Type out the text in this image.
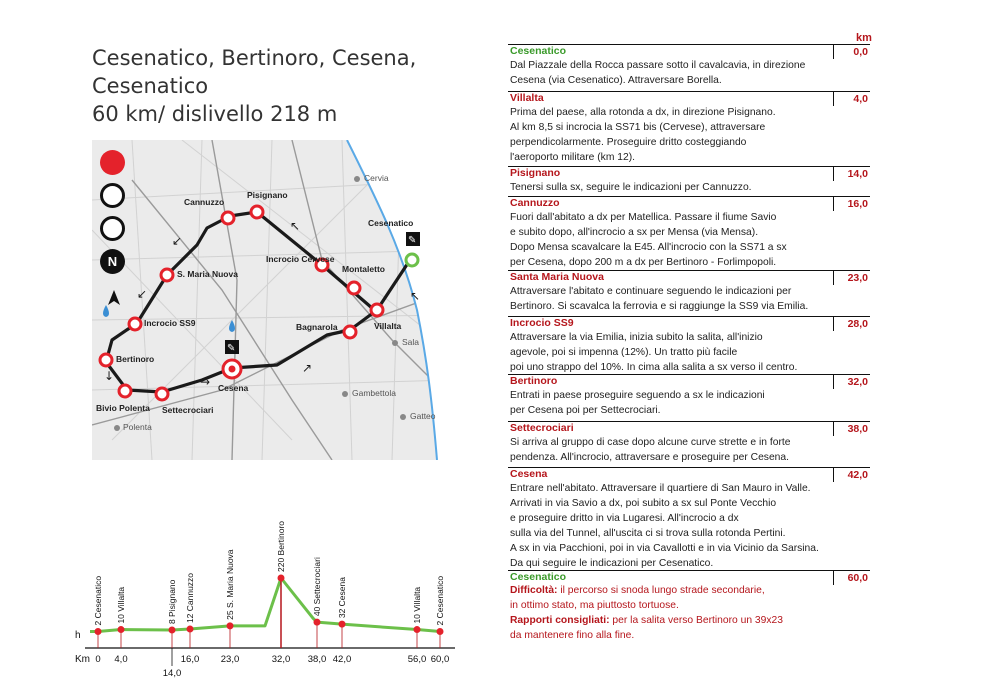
Cesenatico, Bertinoro, Cesena,
Cesenatico
60 km/ dislivello 218 m
↙
↙
↓	→
↗
↖
↖
✎
✎
Pisignano
Cannuzzo
Cesenatico
Incrocio Cervese
Montaletto
S. Maria Nuova
Incrocio SS9
Bertinoro
Bagnarola	Villalta
Cesena
Bivio Polenta Settecrociari
Cervia
Sala
Gambettola
Gatteo
Polenta
N
h
Km
2 Cesenatico
0
10 Villalta
4,0
8 Pisignano
14,0
12 Cannuzzo
16,0
25 S. Maria Nuova
23,0
220 Bertinoro
32,0
40 Settecrociari
38,0
32 Cesena
42,0
10 Villalta
56,0
2 Cesenatico
60,0
km
Cesenatico	0,0
Dal Piazzale della Rocca passare sotto il cavalcavia, in direzione
Cesena (via Cesenatico). Attraversare Borella.
Villalta	4,0
Prima del paese, alla rotonda a dx, in direzione Pisignano.
Al km 8,5 si incrocia la SS71 bis (Cervese), attraversare
perpendicolarmente. Proseguire dritto costeggiando
l'aeroporto militare (km 12).
Pisignano	14,0
Tenersi sulla sx, seguire le indicazioni per Cannuzzo.
Cannuzzo	16,0
Fuori dall'abitato a dx per Matellica. Passare il fiume Savio
e subito dopo, all'incrocio a sx per Mensa (via Mensa).
Dopo Mensa scavalcare la E45. All'incrocio con la SS71 a sx
per Cesena, dopo 200 m a dx per Bertinoro - Forlimpopoli.
Santa Maria Nuova	23,0
Attraversare l'abitato e continuare seguendo le indicazioni per
Bertinoro. Si scavalca la ferrovia e si raggiunge la SS9 via Emilia.
Incrocio SS9	28,0
Attraversare la via Emilia, inizia subito la salita, all'inizio
agevole, poi si impenna (12%). Un tratto più facile
poi uno strappo del 10%. In cima alla salita a sx verso il centro.
Bertinoro	32,0
Entrati in paese proseguire seguendo a sx le indicazioni
per Cesena poi per Settecrociari.
Settecrociari	38,0
Si arriva al gruppo di case dopo alcune curve strette e in forte
pendenza. All'incrocio, attraversare e proseguire per Cesena.
Cesena	42,0
Entrare nell'abitato. Attraversare il quartiere di San Mauro in Valle.
Arrivati in via Savio a dx, poi subito a sx sul Ponte Vecchio
e proseguire dritto in via Lugaresi. All'incrocio a dx
sulla via del Tunnel, all'uscita ci si trova sulla rotonda Pertini.
A sx in via Pacchioni, poi in via Cavallotti e in via Vicinio da Sarsina.
Da qui seguire le indicazioni per Cesenatico.
Cesenatico	60,0
Difficoltà: il percorso si snoda lungo strade secondarie,
in ottimo stato, ma piuttosto tortuose.
Rapporti consigliati: per la salita verso Bertinoro un 39x23
da mantenere fino alla fine.
